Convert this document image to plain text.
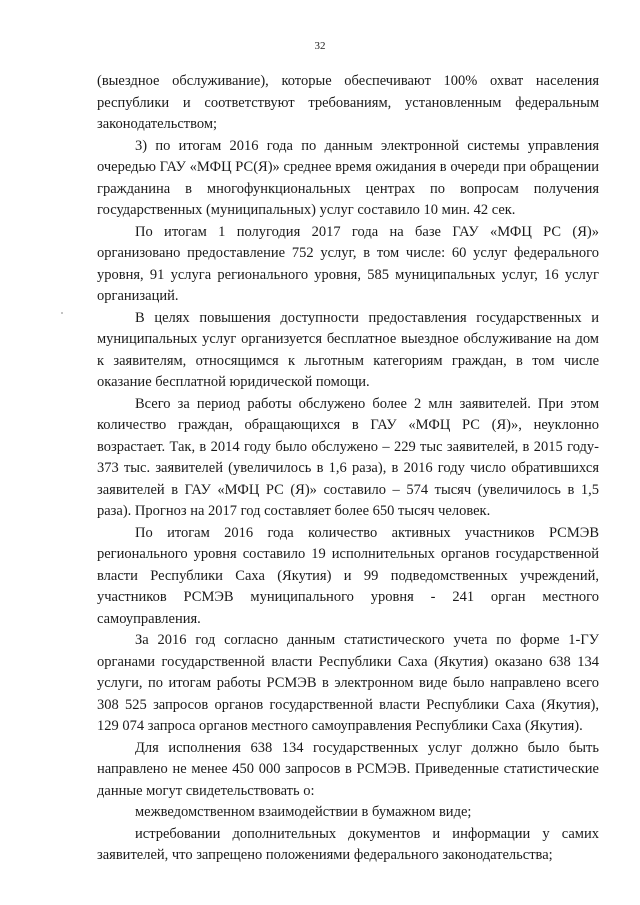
32

(выездное обслуживание), которые обеспечивают 100% охват населения республики и соответствуют требованиям, установленным федеральным законодательством;

3) по итогам 2016 года по данным электронной системы управления очередью ГАУ «МФЦ РС(Я)» среднее время ожидания в очереди при обращении гражданина в многофункциональных центрах по вопросам получения государственных (муниципальных) услуг составило 10 мин. 42 сек.

По итогам 1 полугодия 2017 года на базе ГАУ «МФЦ РС (Я)» организовано предоставление 752 услуг, в том числе: 60 услуг федерального уровня, 91 услуга регионального уровня, 585 муниципальных услуг, 16 услуг организаций.

В целях повышения доступности предоставления государственных и муниципальных услуг организуется бесплатное выездное обслуживание на дом к заявителям, относящимся к льготным категориям граждан, в том числе оказание бесплатной юридической помощи.

Всего за период работы обслужено более 2 млн заявителей. При этом количество граждан, обращающихся в ГАУ «МФЦ РС (Я)», неуклонно возрастает. Так, в 2014 году было обслужено – 229 тыс заявителей, в 2015 году- 373 тыс. заявителей (увеличилось в 1,6 раза), в 2016 году число обратившихся заявителей в ГАУ «МФЦ РС (Я)» составило – 574 тысяч (увеличилось в 1,5 раза). Прогноз на 2017 год составляет более 650 тысяч человек.

По итогам 2016 года количество активных участников РСМЭВ регионального уровня составило 19 исполнительных органов государственной власти Республики Саха (Якутия) и 99 подведомственных учреждений, участников РСМЭВ муниципального уровня - 241 орган местного самоуправления.

За 2016 год согласно данным статистического учета по форме 1-ГУ органами государственной власти Республики Саха (Якутия) оказано 638 134 услуги, по итогам работы РСМЭВ в электронном виде было направлено всего 308 525 запросов органов государственной власти Республики Саха (Якутия), 129 074 запроса органов местного самоуправления Республики Саха (Якутия).

Для исполнения 638 134 государственных услуг должно было быть направлено не менее 450 000 запросов в РСМЭВ. Приведенные статистические данные могут свидетельствовать о:

межведомственном взаимодействии в бумажном виде;

истребовании дополнительных документов и информации у самих заявителей, что запрещено положениями федерального законодательства;
